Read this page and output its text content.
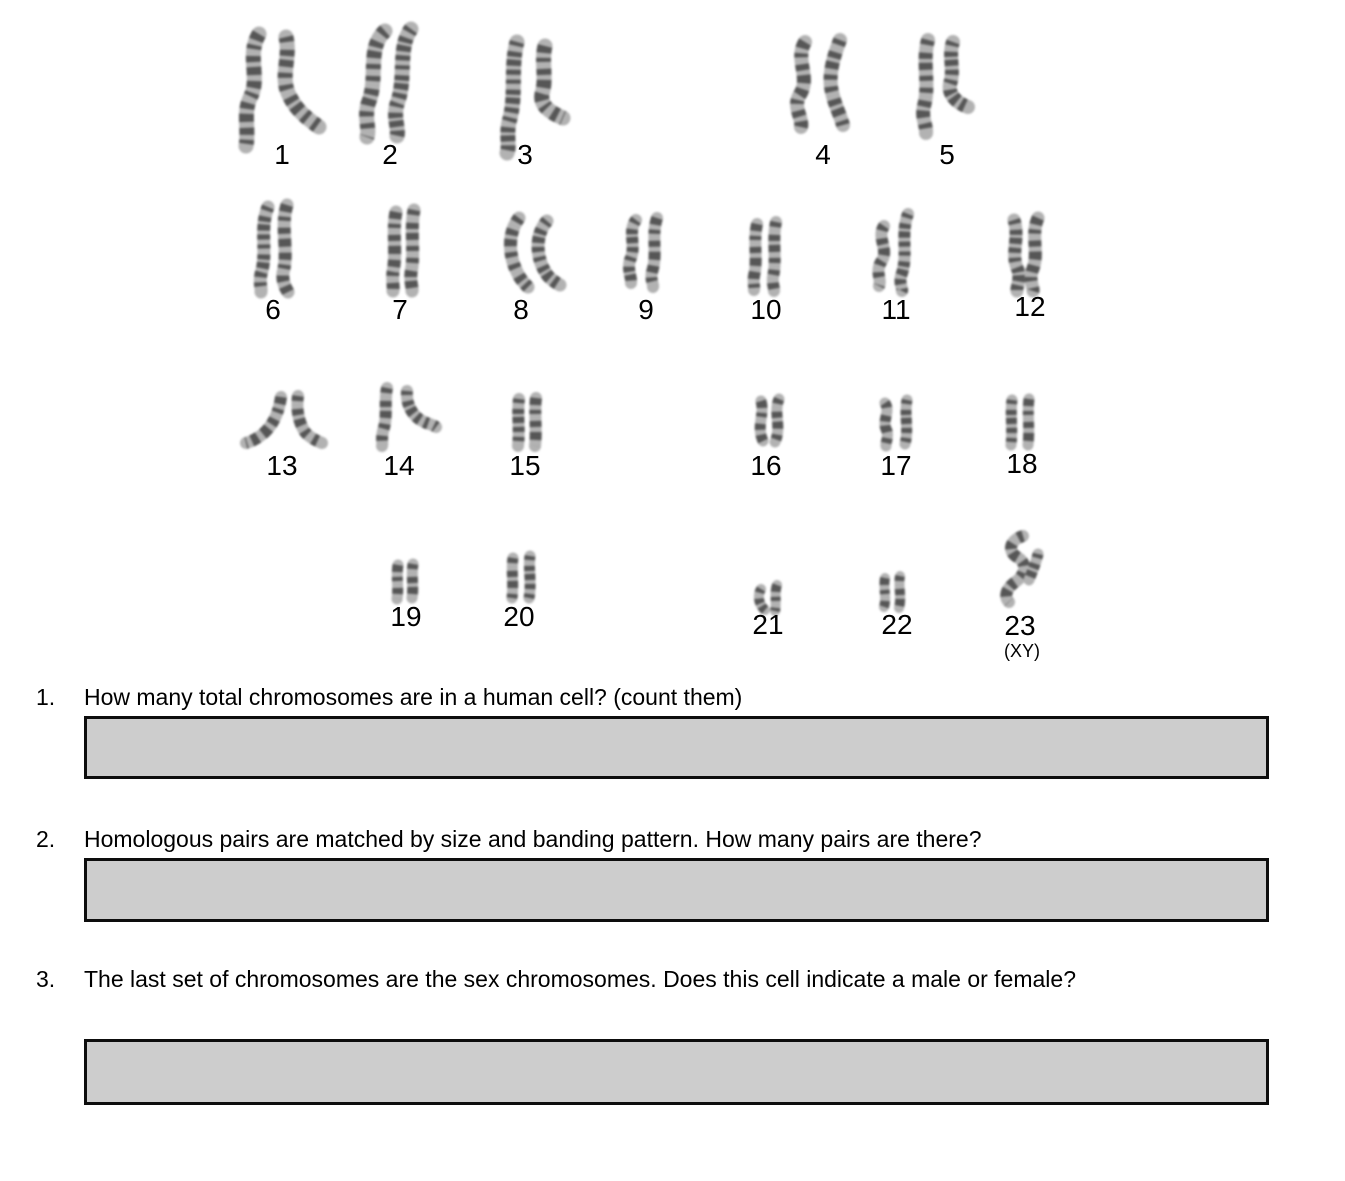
1	2	3	4	5
6	7	8	9	10	11	12
13	14	15	16	17	18
19	20	21	22	23
(XY)
1. How many total chromosomes are in a human cell? (count them)
2. Homologous pairs are matched by size and banding pattern. How many pairs are there?
3. The last set of chromosomes are the sex chromosomes. Does this cell indicate a male or female?
